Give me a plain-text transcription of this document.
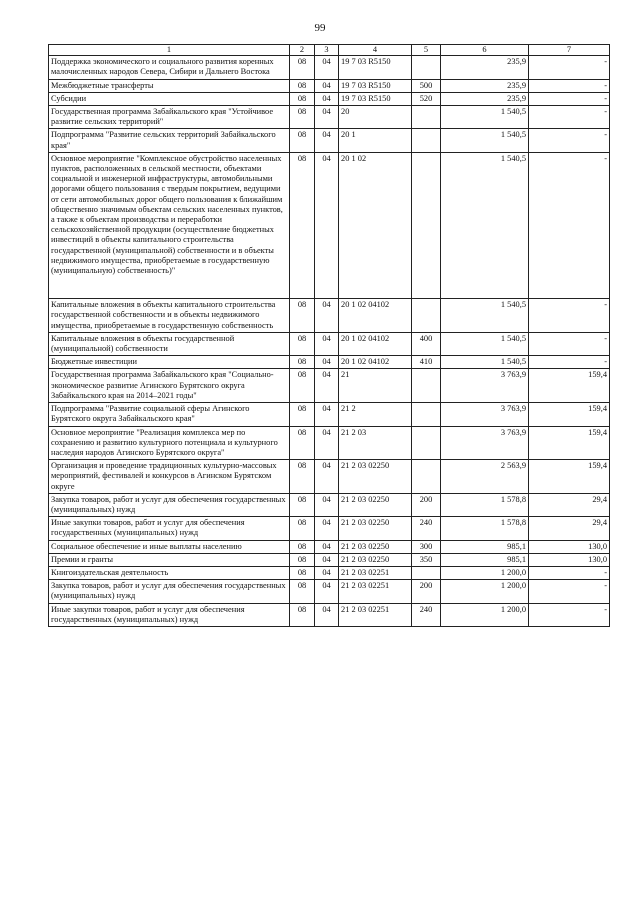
99
1	2	3	4	5	6	7
Поддержка экономического и социального развития коренных малочисленных народов Севера, Сибири и Дальнего Востока	08	04	19 7 03 R5150		235,9	-
Межбюджетные трансферты	08	04	19 7 03 R5150	500	235,9	-
Субсидии	08	04	19 7 03 R5150	520	235,9	-
Государственная программа Забайкальского края "Устойчивое развитие сельских территорий"	08	04	20		1 540,5	-
Подпрограмма "Развитие сельских территорий Забайкальского края"	08	04	20 1		1 540,5	-
Основное мероприятие "Комплексное обустройство населенных пунктов, расположенных в сельской местности, объектами социальной и инженерной инфраструктуры, автомобильными дорогами общего пользования с твердым покрытием, ведущими от сети автомобильных дорог общего пользования к ближайшим общественно значимым объектам сельских населенных пунктов, а также к объектам производства и переработки сельскохозяйственной продукции (осуществление бюджетных инвестиций в объекты капитального строительства государственной (муниципальной) собственности и в объекты недвижимого имущества, приобретаемые в государственную (муниципальную) собственность)"	08	04	20 1 02		1 540,5	-
Капитальные вложения в объекты капитального строительства государственной собственности и в объекты недвижимого имущества, приобретаемые в государственную собственность	08	04	20 1 02 04102		1 540,5	-
Капитальные вложения в объекты государственной (муниципальной) собственности	08	04	20 1 02 04102	400	1 540,5	-
Бюджетные инвестиции	08	04	20 1 02 04102	410	1 540,5	-
Государственная программа Забайкальского края "Социально-экономическое развитие Агинского Бурятского округа Забайкальского края на 2014–2021 годы"	08	04	21		3 763,9	159,4
Подпрограмма "Развитие социальной сферы Агинского Бурятского округа Забайкальского края"	08	04	21 2		3 763,9	159,4
Основное мероприятие "Реализация комплекса мер по сохранению и развитию культурного потенциала и культурного наследия народов Агинского Бурятского округа"	08	04	21 2 03		3 763,9	159,4
Организация и проведение традиционных культурно-массовых мероприятий, фестивалей и конкурсов в Агинском Бурятском округе	08	04	21 2 03 02250		2 563,9	159,4
Закупка товаров, работ и услуг для обеспечения государственных (муниципальных) нужд	08	04	21 2 03 02250	200	1 578,8	29,4
Иные закупки товаров, работ и услуг для обеспечения государственных (муниципальных) нужд	08	04	21 2 03 02250	240	1 578,8	29,4
Социальное обеспечение и иные выплаты населению	08	04	21 2 03 02250	300	985,1	130,0
Премии и гранты	08	04	21 2 03 02250	350	985,1	130,0
Книгоиздательская деятельность	08	04	21 2 03 02251		1 200,0	-
Закупка товаров, работ и услуг для обеспечения государственных (муниципальных) нужд	08	04	21 2 03 02251	200	1 200,0	-
Иные закупки товаров, работ и услуг для обеспечения государственных (муниципальных) нужд	08	04	21 2 03 02251	240	1 200,0	-
